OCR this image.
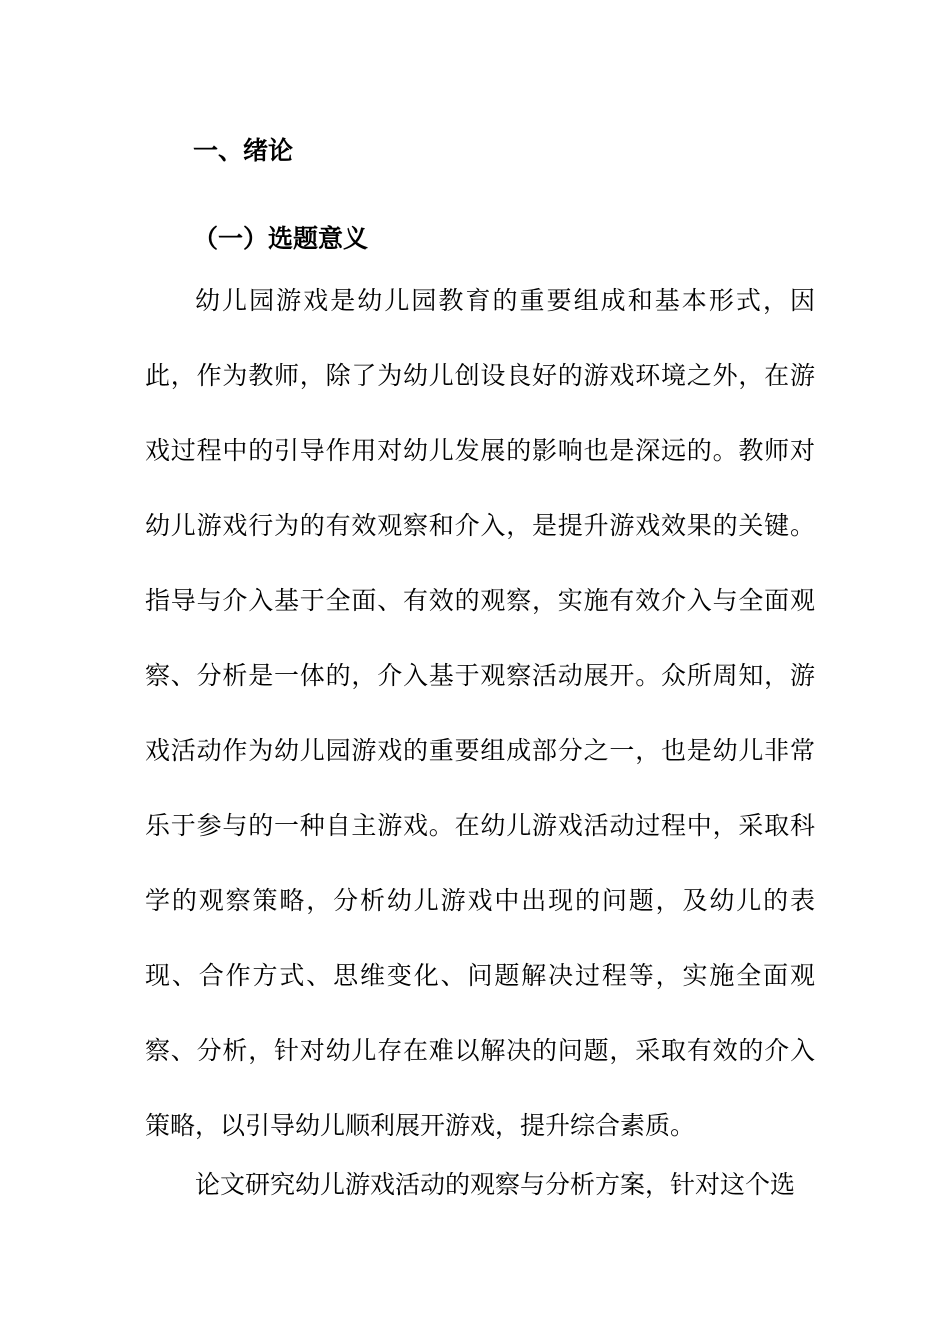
一、绪论
（一）选题意义

幼儿园游戏是幼儿园教育的重要组成和基本形式，因此，作为教师，除了为幼儿创设良好的游戏环境之外，在游戏过程中的引导作用对幼儿发展的影响也是深远的。教师对幼儿游戏行为的有效观察和介入，是提升游戏效果的关键。指导与介入基于全面、有效的观察，实施有效介入与全面观察、分析是一体的，介入基于观察活动展开。众所周知，游戏活动作为幼儿园游戏的重要组成部分之一，也是幼儿非常乐于参与的一种自主游戏。在幼儿游戏活动过程中，采取科学的观察策略，分析幼儿游戏中出现的问题，及幼儿的表现、合作方式、思维变化、问题解决过程等，实施全面观察、分析，针对幼儿存在难以解决的问题，采取有效的介入策略，以引导幼儿顺利展开游戏，提升综合素质。

论文研究幼儿游戏活动的观察与分析方案，针对这个选
